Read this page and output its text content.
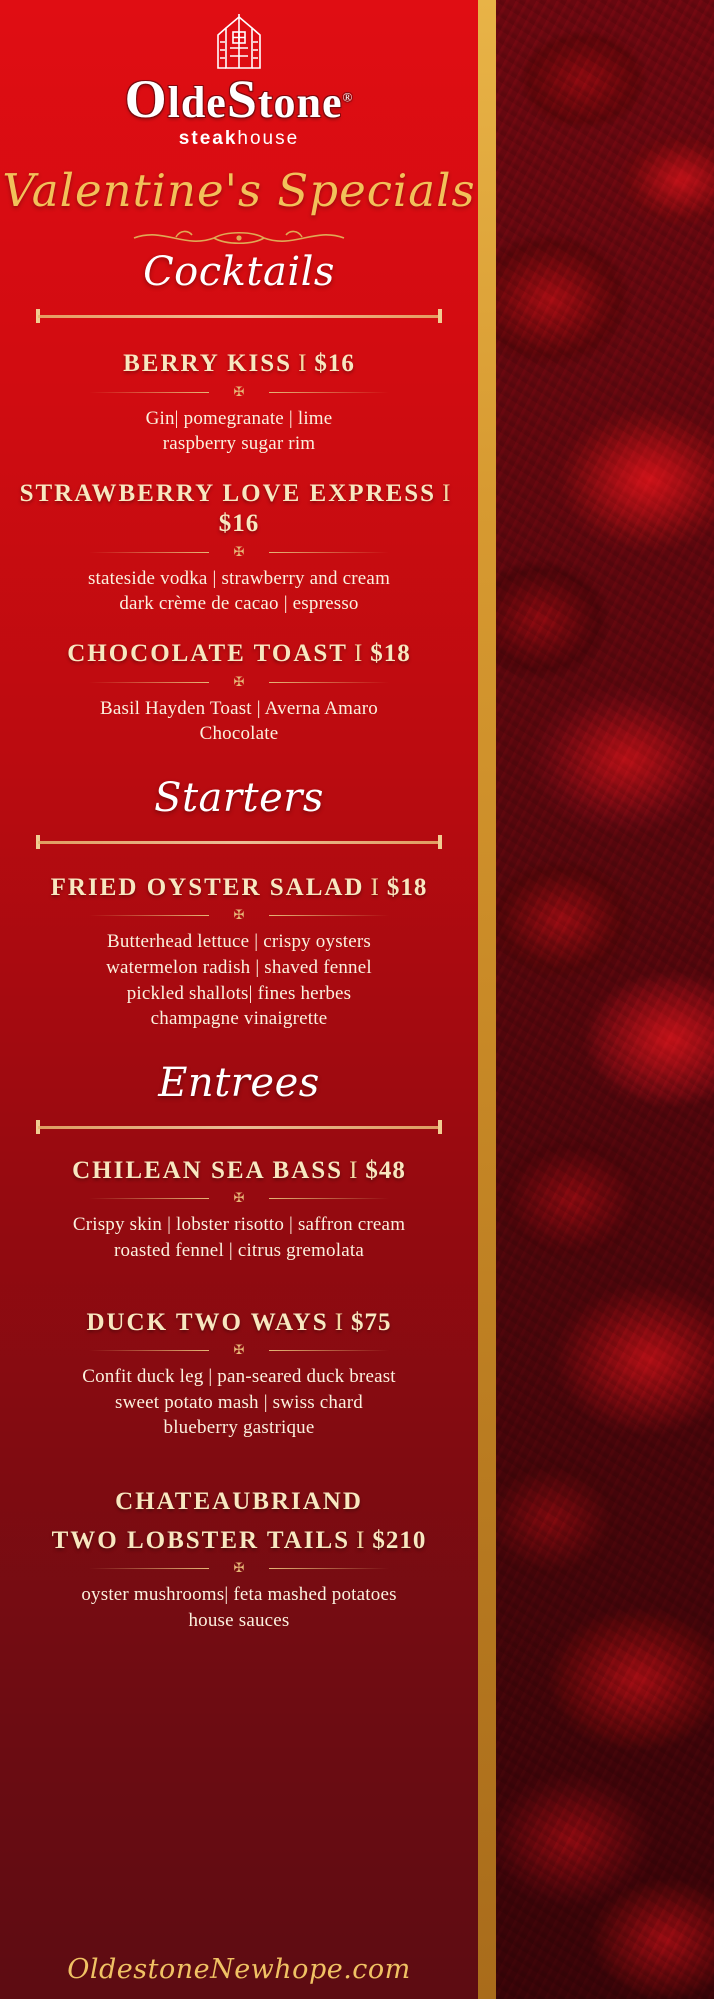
OldeStone®
steakhouse
Valentine's Specials
Cocktails
BERRY KISS I $16
✠
Gin| pomegranate | lime
raspberry sugar rim
STRAWBERRY LOVE EXPRESS I$16
✠
stateside vodka | strawberry and cream
dark crème de cacao | espresso
CHOCOLATE TOAST I $18
✠
Basil Hayden Toast | Averna Amaro
Chocolate
Starters
FRIED OYSTER SALAD I $18
✠
Butterhead lettuce | crispy oysters
watermelon radish | shaved fennel
pickled shallots| fines herbes
champagne vinaigrette
Entrees
CHILEAN SEA BASS I $48
✠
Crispy skin | lobster risotto | saffron cream
roasted fennel | citrus gremolata
DUCK TWO WAYS I $75
✠
Confit duck leg | pan-seared duck breast
sweet potato mash | swiss chard
blueberry gastrique
CHATEAUBRIAND
TWO LOBSTER TAILS I $210
✠
oyster mushrooms| feta mashed potatoes
house sauces
OldestoneNewhope.com
